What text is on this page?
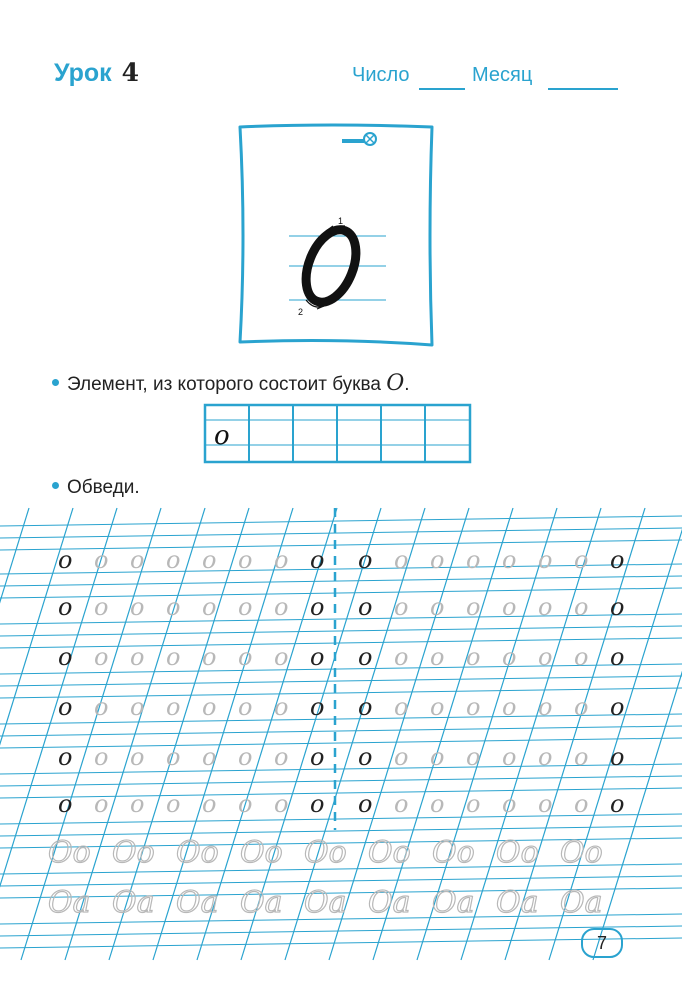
Урок 4	Число	Месяц
1
2
Элемент, из которого состоит буква О.
о
Обведи.
о о о о о о о о о о о о о о о о
о о о о о о о о о о о о о о о о
о о о о о о о о о о о о о о о о
о о о о о о о о о о о о о о о о
о о о о о о о о о о о о о о о о
о о о о о о о о о о о о о о о о
Оо Оо Оо Оо Оо Оо Оо Оо Оо
Оа Оа Оа Оа Оа Оа Оа Оа Оа
7
